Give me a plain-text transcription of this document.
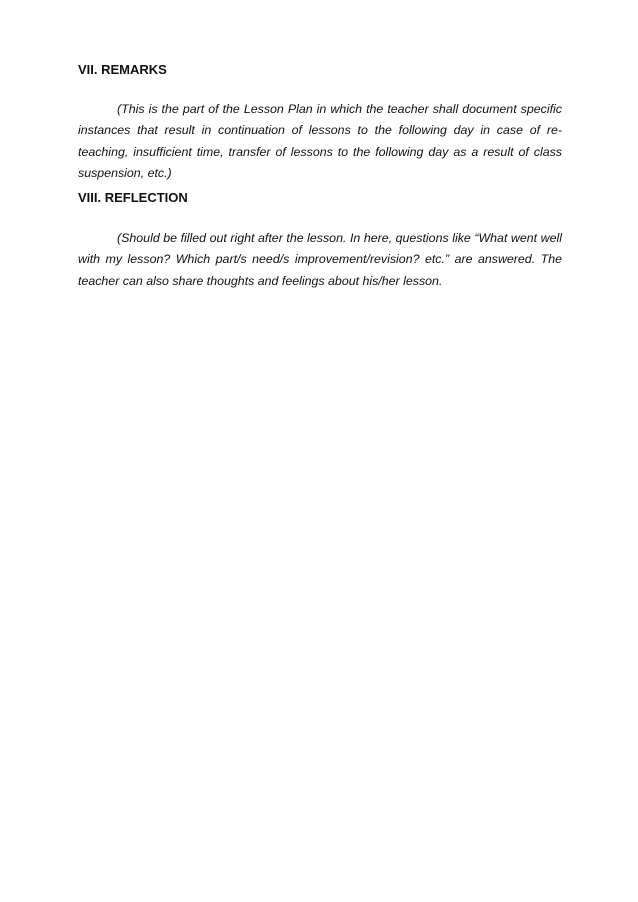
VII. REMARKS

(This is the part of the Lesson Plan in which the teacher shall document specific instances that result in continuation of lessons to the following day in case of re-teaching, insufficient time, transfer of lessons to the following day as a result of class suspension, etc.)

VIII. REFLECTION

(Should be filled out right after the lesson. In here, questions like “What went well with my lesson? Which part/s need/s improvement/revision? etc.” are answered. The teacher can also share thoughts and feelings about his/her lesson.
